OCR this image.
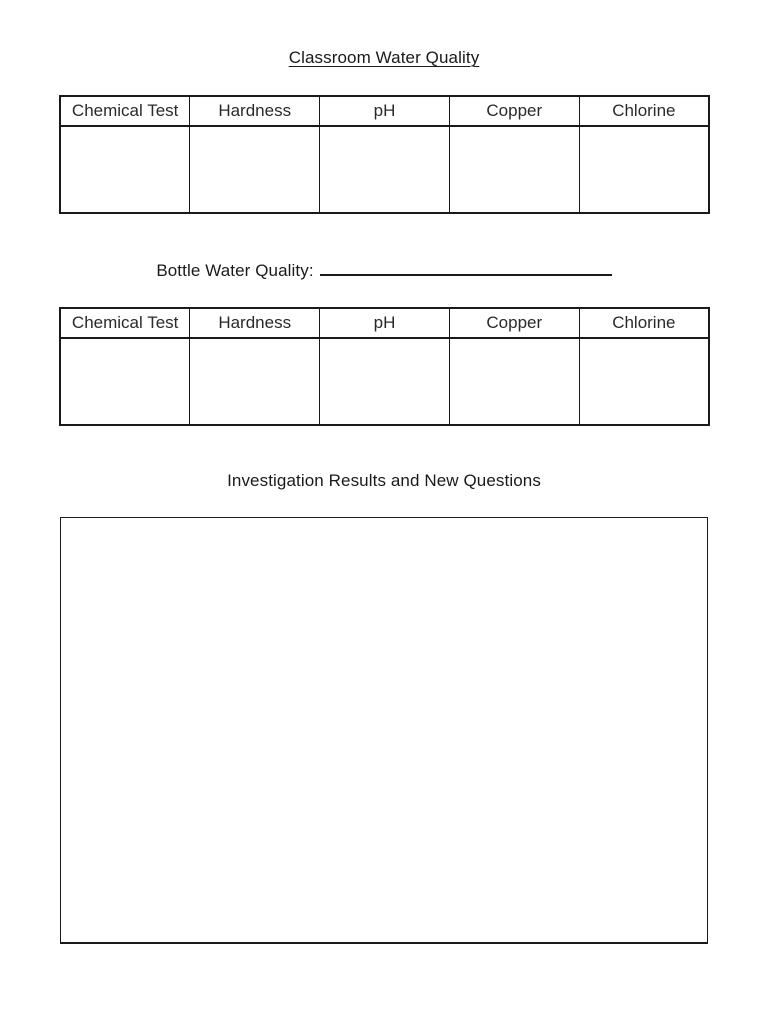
Classroom Water Quality
Chemical Test	Hardness	pH	Copper	Chlorine

Bottle Water Quality:
Chemical Test	Hardness	pH	Copper	Chlorine

Investigation Results and New Questions
